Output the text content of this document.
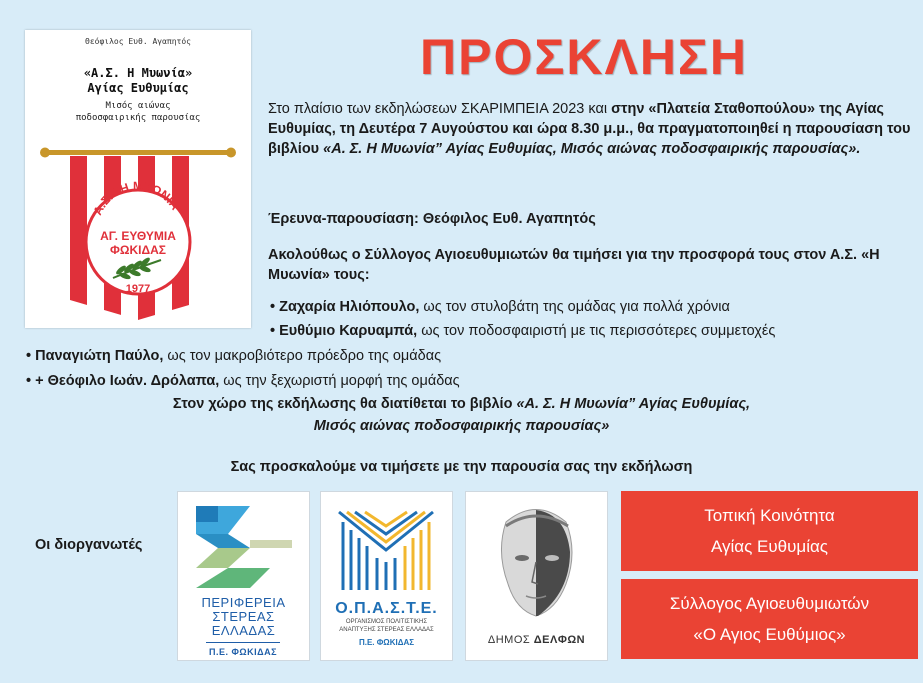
Θεόφιλος Ευθ. Αγαπητός
«Α.Σ. Η Μυωνία»
Αγίας Ευθυμίας
Μισός αιώνας
ποδοσφαιρικής παρουσίας
Α.Σ. "Η ΜΥΩΝΙΑ"
ΑΓ. ΕΥΘΥΜΙΑ
ΦΩΚΙΔΑΣ
1977
ΠΡΟΣΚΛΗΣΗ
Στο πλαίσιο των εκδηλώσεων ΣΚΑΡΙΜΠΕΙΑ 2023 και στην «Πλατεία Σταθοπούλου» της Αγίας Ευθυμίας, τη Δευτέρα 7 Αυγούστου και ώρα 8.30 μ.μ., θα πραγματοποιηθεί η παρουσίαση του βιβλίου «Α. Σ. Η Μυωνία” Αγίας Ευθυμίας, Μισός αιώνας ποδοσφαιρικής παρουσίας».
Έρευνα-παρουσίαση: Θεόφιλος Ευθ. Αγαπητός
Ακολούθως ο Σύλλογος Αγιοευθυμιωτών θα τιμήσει για την προσφορά τους στον Α.Σ. «Η Μυωνία» τους:
• Ζαχαρία Ηλιόπουλο, ως τον στυλοβάτη της ομάδας για πολλά χρόνια
• Ευθύμιο Καρυαμπά, ως τον ποδοσφαιριστή με τις περισσότερες συμμετοχές
• Παναγιώτη Παύλο, ως τον μακροβιότερο πρόεδρο της ομάδας
• + Θεόφιλο Ιωάν. Δρόλαπα, ως την ξεχωριστή μορφή της ομάδας
Στον χώρο της εκδήλωσης θα διατίθεται το βιβλίο «Α. Σ. Η Μυωνία” Αγίας Ευθυμίας,
Μισός αιώνας ποδοσφαιρικής παρουσίας»
Σας προσκαλούμε να τιμήσετε με την παρουσία σας την εκδήλωση
Οι διοργανωτές
ΠΕΡΙΦΕΡΕΙΑ
ΣΤΕΡΕΑΣ
ΕΛΛΑΔΑΣ
Π.Ε. ΦΩΚΙΔΑΣ
Ο.Π.Α.Σ.Τ.Ε.
ΟΡΓΑΝΙΣΜΟΣ ΠΟΛΙΤΙΣΤΙΚΗΣ
ΑΝΑΠΤΥΞΗΣ ΣΤΕΡΕΑΣ ΕΛΛΑΔΑΣ
Π.Ε. ΦΩΚΙΔΑΣ	ΔΗΜΟΣ ΔΕΛΦΩΝ
Τοπική Κοινότητα
Αγίας Ευθυμίας
Σύλλογος Αγιοευθυμιωτών
«Ο Αγιος Ευθύμιος»
